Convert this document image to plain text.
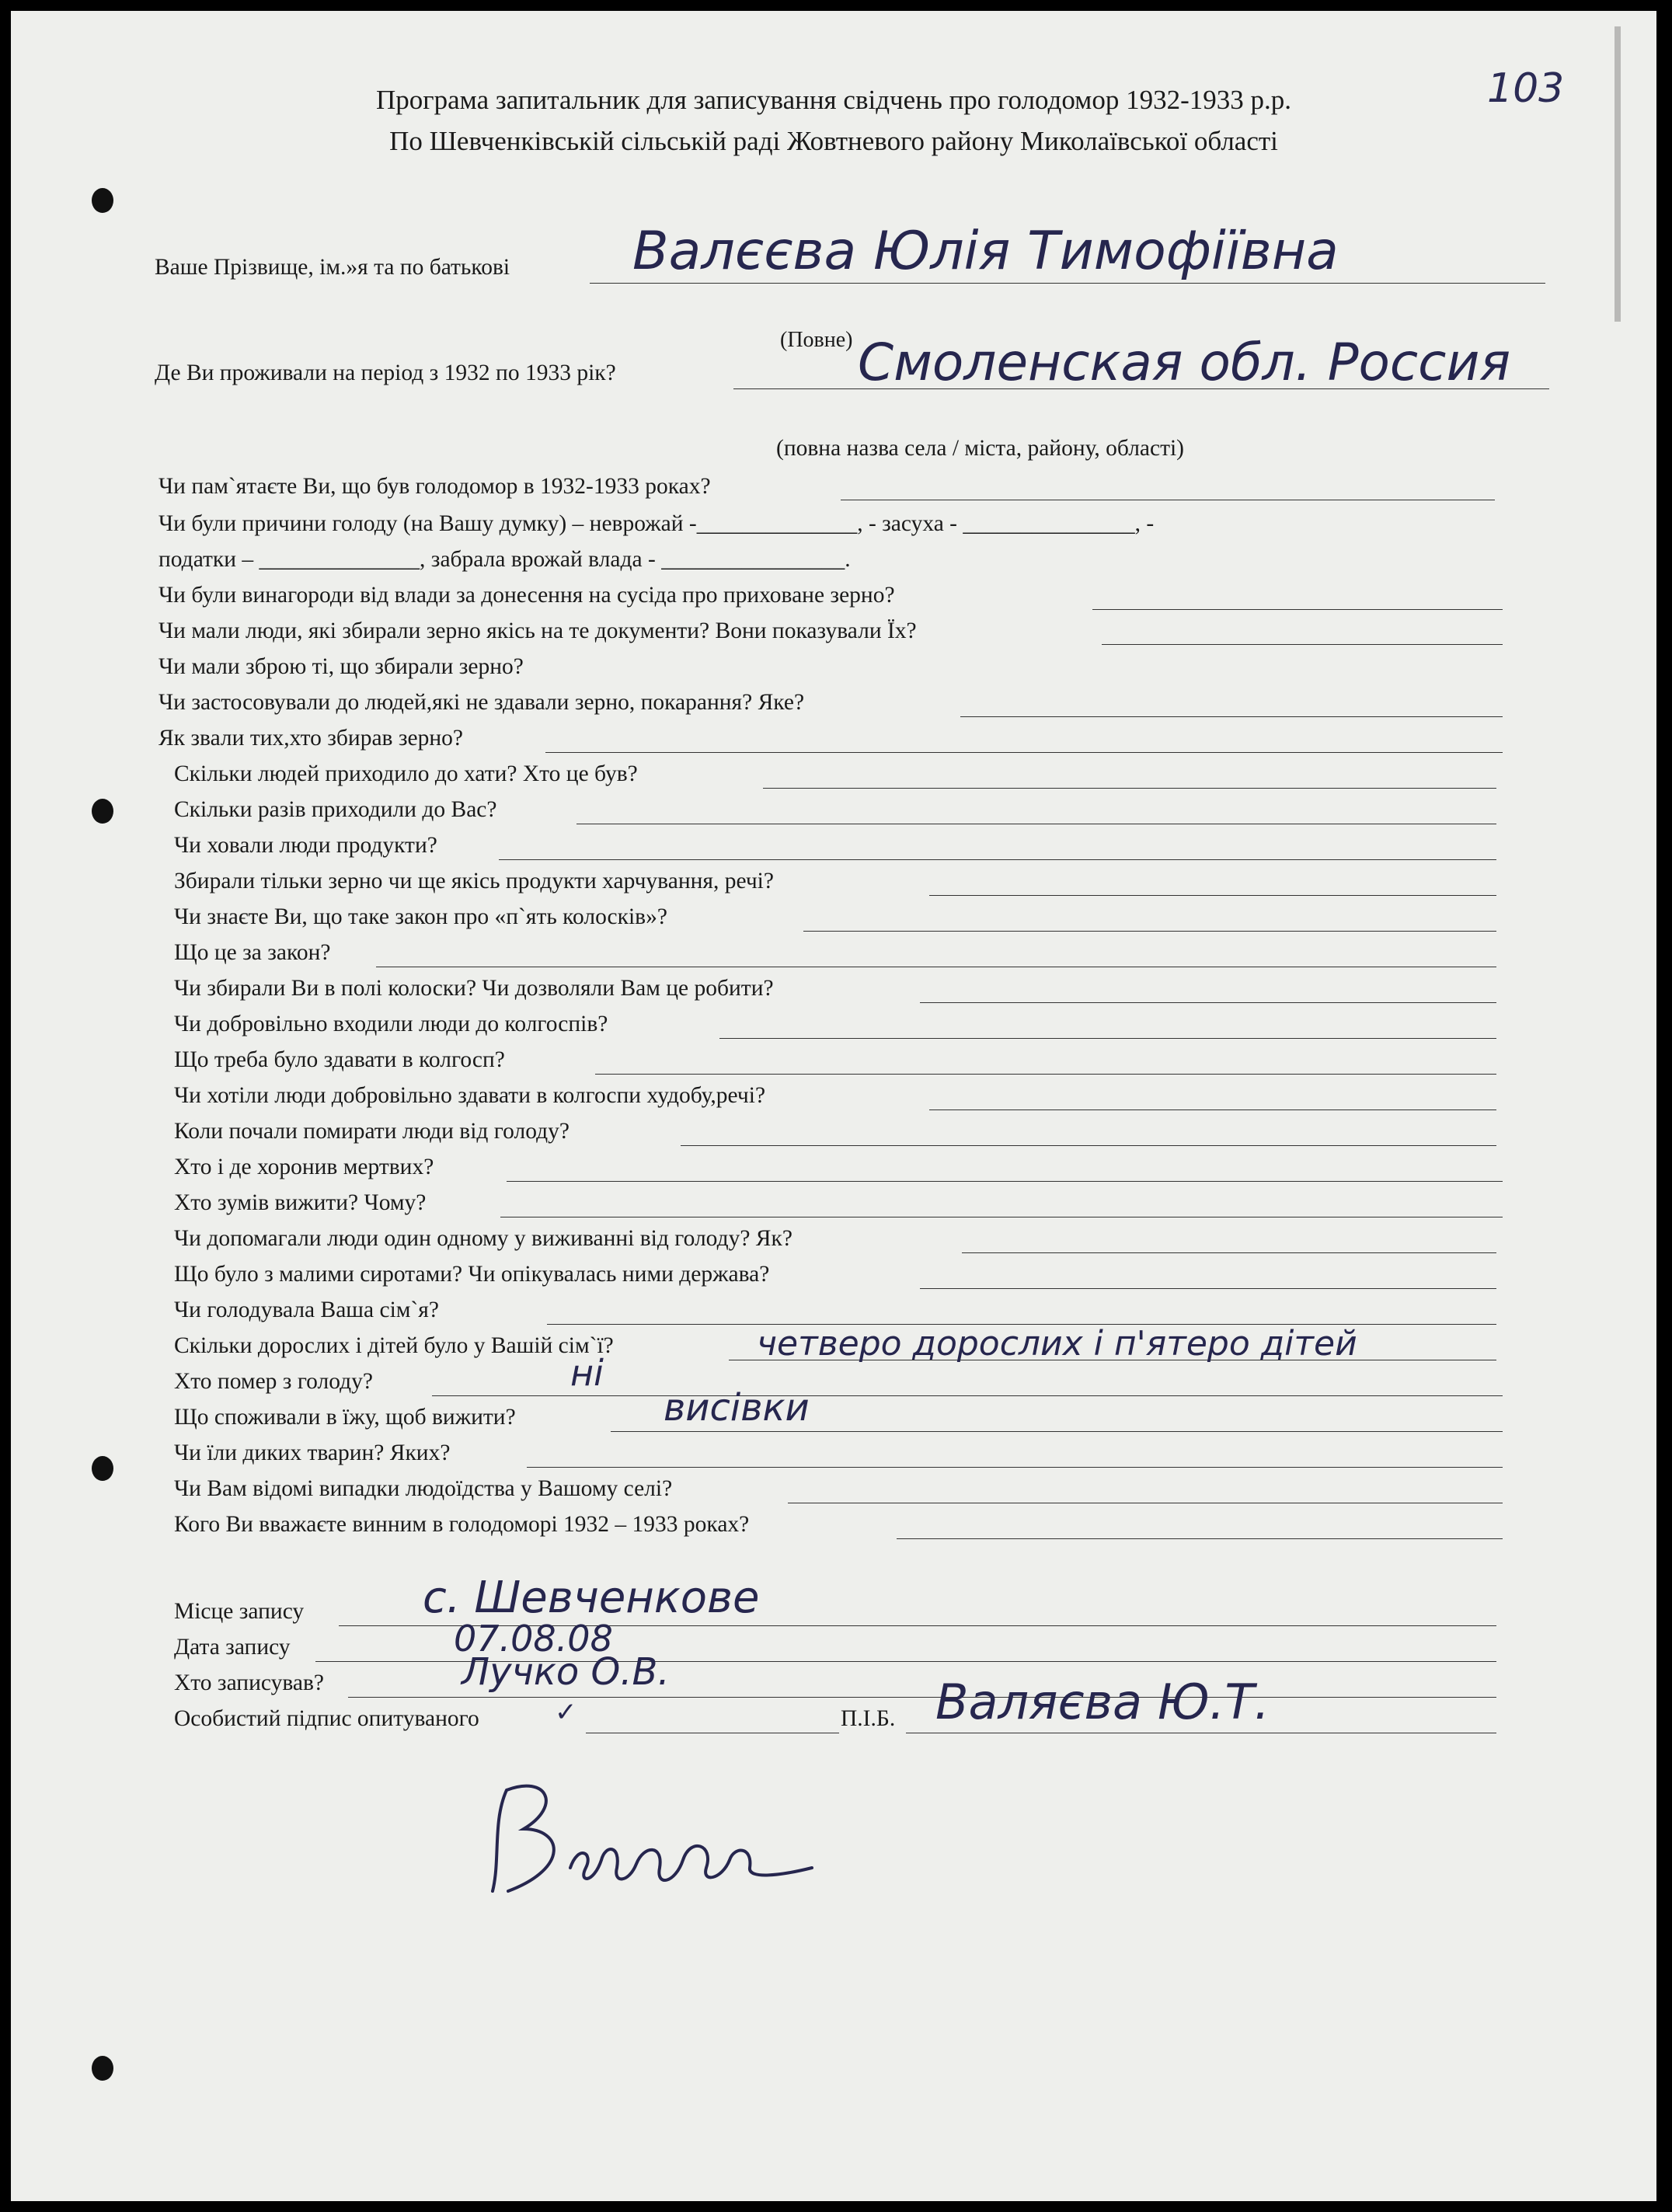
103
Програма запитальник для записування свідчень про голодомор 1932-1933 р.р.
По Шевченківській сільській раді Жовтневого району Миколаївської області
Ваше Прізвище, ім.»я та по батькові Валєєва Юлія Тимофіївна
(Повне)
Де Ви проживали на період з 1932 по 1933 рік?	Смоленская обл. Россия
(повна назва села / міста, району, області)
Чи пам`ятаєте Ви, що був голодомор в 1932-1933 роках?
Чи були причини голоду (на Вашу думку) – неврожай -______________, - засуха - _______________, -
податки – ______________, забрала врожай влада - ________________.
Чи були винагороди від влади за донесення на сусіда про приховане зерно?
Чи мали люди, які збирали зерно якісь на те документи? Вони показували Їх?
Чи мали зброю ті, що збирали зерно?
Чи застосовували до людей,які не здавали зерно, покарання? Яке?
Як звали тих,хто збирав зерно?
Скільки людей приходило до хати? Хто це був?
Скільки разів приходили до Вас?
Чи ховали люди продукти?
Збирали тільки зерно чи ще якісь продукти харчування, речі?
Чи знаєте Ви, що таке закон про «п`ять колосків»?
Що це за закон?
Чи збирали Ви в полі колоски? Чи дозволяли Вам це робити?
Чи добровільно входили люди до колгоспів?
Що треба було здавати в колгосп?
Чи хотіли люди добровільно здавати в колгоспи худобу,речі?
Коли почали помирати люди від голоду?
Хто і де хоронив мертвих?
Хто зумів вижити? Чому?
Чи допомагали люди один одному у виживанні від голоду? Як?
Що було з малими сиротами? Чи опікувалась ними держава?
Чи голодувала Ваша сім`я?
Скільки дорослих і дітей було у Вашій сім`ї?	четверо дорослих і п'ятеро дітей
Хто помер з голоду?	ні
Що споживали в їжу, щоб вижити?	висівки
Чи їли диких тварин? Яких?
Чи Вам відомі випадки людоїдства у Вашому селі?
Кого Ви вважаєте винним в голодоморі 1932 – 1933 роках?
Місце запису	с. Шевченкове
Дата запису	07.08.08
Хто записував?	Лучко О.В.
Особистий підпис опитуваного	✓	П.І.Б. Валяєва Ю.Т.
